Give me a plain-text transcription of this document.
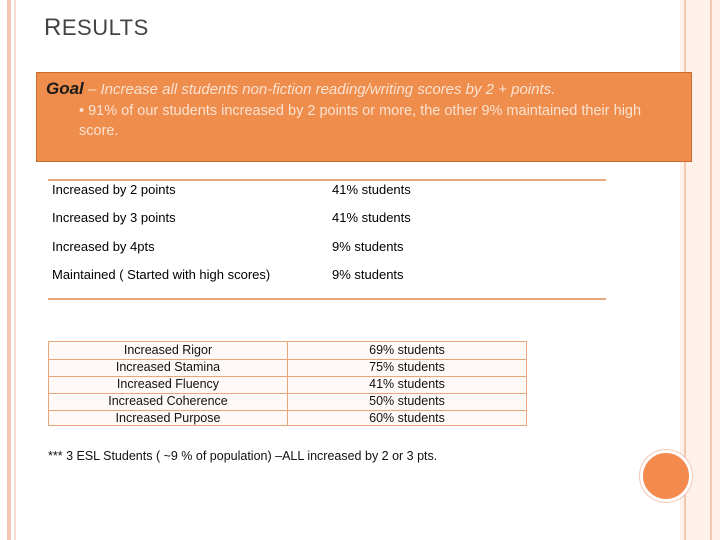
RESULTS
Goal – Increase all students non-fiction reading/writing scores by 2 + points.
• 91% of our students increased by 2 points or more, the other 9% maintained their high score.
Increased by 2 points	41% students
Increased by 3 points	41% students
Increased by 4pts	9% students
Maintained ( Started with high scores)	9% students
Increased Rigor	69% students
Increased Stamina	75% students
Increased Fluency	41% students
Increased Coherence	50% students
Increased Purpose	60% students
*** 3 ESL Students ( ~9 % of population) –ALL increased by 2 or 3 pts.
